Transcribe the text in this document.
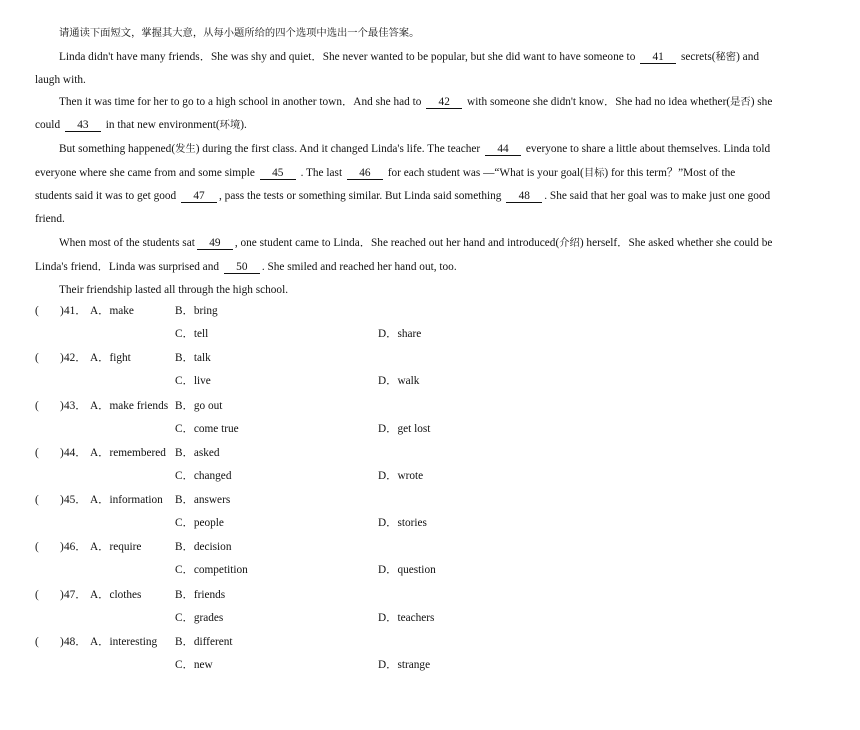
请通读下面短文，掌握其大意，从每小题所给的四个选项中选出一个最佳答案。
Linda didn't have many friends．She was shy and quiet．She never wanted to be popular, but she did want to have someone to 41 secrets(秘密) and
laugh with.
Then it was time for her to go to a high school in another town．And she had to 42 with someone she didn't know．She had no idea whether(是否) she
could 43 in that new environment(环境).
But something happened(发生) during the first class. And it changed Linda's life. The teacher 44 everyone to share a little about themselves. Linda told
everyone where she came from and some simple 45 . The last 46 for each student was —“What is your goal(目标) for this term？”Most of the
students said it was to get good 47 , pass the tests or something similar. But Linda said something 48 . She said that her goal was to make just one good
friend.
When most of the students sat 49 , one student came to Linda．She reached out her hand and introduced(介绍) herself．She asked whether she could be
Linda's friend．Linda was surprised and 50 . She smiled and reached her hand out, too.
Their friendship lasted all through the high school.
( ) 41． A．make	B．bring
C．tell	D．share
( ) 42． A．fight	B．talk
C．live	D．walk
( ) 43． A．make friends B．go out
C．come true	D．get lost
( ) 44． A．remembered B．asked
C．changed	D．wrote
( ) 45． A．information B．answers
C．people	D．stories
( ) 46． A．require	B．decision
C．competition	D．question
( ) 47． A．clothes	B．friends
C．grades	D．teachers
( ) 48． A．interesting B．different
C．new	D．strange
